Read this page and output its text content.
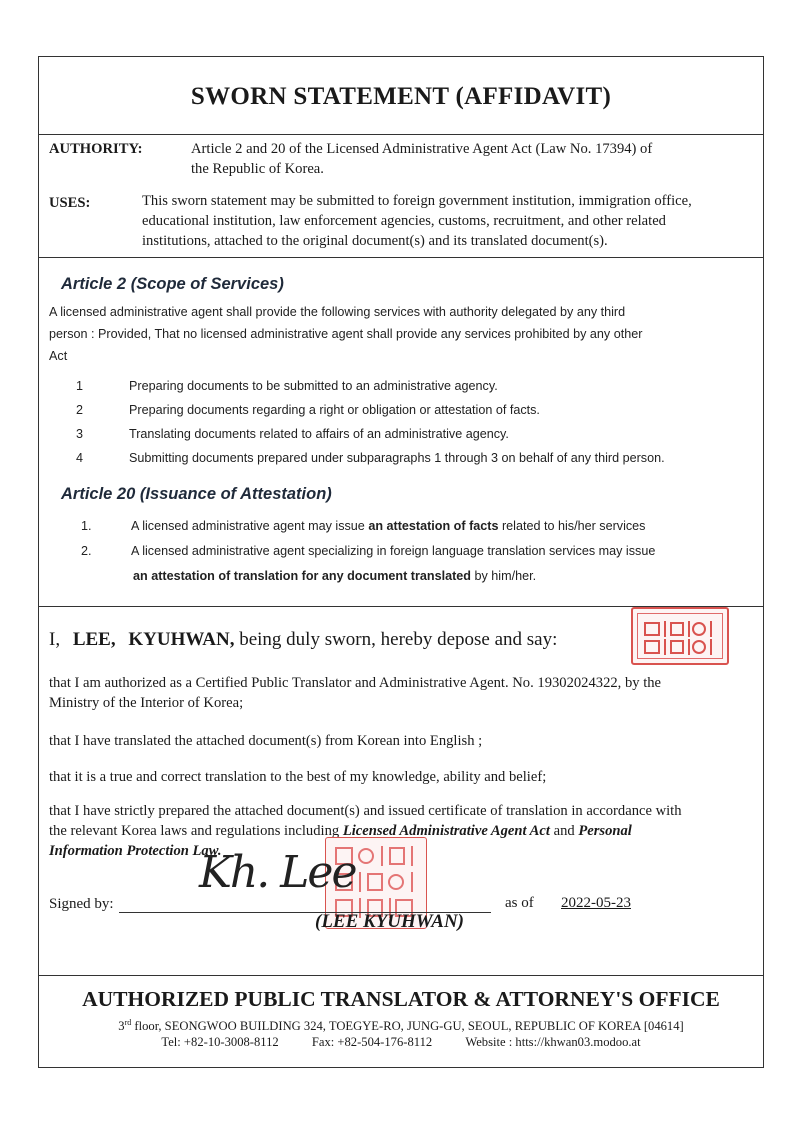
SWORN STATEMENT (AFFIDAVIT)
AUTHORITY:	Article 2 and 20 of the Licensed Administrative Agent Act (Law No. 17394) of
the Republic of Korea.
USES:	This sworn statement may be submitted to foreign government institution, immigration office,
educational institution, law enforcement agencies, customs, recruitment, and other related
institutions, attached to the original document(s) and its translated document(s).
Article 2 (Scope of Services)
A licensed administrative agent shall provide the following services with authority delegated by any third
person : Provided, That no licensed administrative agent shall provide any services prohibited by any other
Act
1	Preparing documents to be submitted to an administrative agency.
2	Preparing documents regarding a right or obligation or attestation of facts.
3	Translating documents related to affairs of an administrative agency.
4	Submitting documents prepared under subparagraphs 1 through 3 on behalf of any third person.
Article 20 (Issuance of Attestation)
1.	A licensed administrative agent may issue an attestation of facts related to his/her services
2.	A licensed administrative agent specializing in foreign language translation services may issue
an attestation of translation for any document translated by him/her.
I, LEE, KYUHWAN, being duly sworn, hereby depose and say:
that I am authorized as a Certified Public Translator and Administrative Agent. No. 19302024322, by the
Ministry of the Interior of Korea;
that I have translated the attached document(s) from Korean into English ;
that it is a true and correct translation to the best of my knowledge, ability and belief;
that I have strictly prepared the attached document(s) and issued certificate of translation in accordance with
the relevant Korea laws and regulations including Licensed Administrative Agent Act and Personal
Information Protection Law.
Signed by:
Kh. Lee
(LEE KYUHWAN)
as of 2022-05-23
AUTHORIZED PUBLIC TRANSLATOR & ATTORNEY'S OFFICE
3rd floor, SEONGWOO BUILDING 324, TOEGYE-RO, JUNG-GU, SEOUL, REPUBLIC OF KOREA [04614]
Tel: +82-10-3008-8112	Fax: +82-504-176-8112	Website : htts://khwan03.modoo.at
